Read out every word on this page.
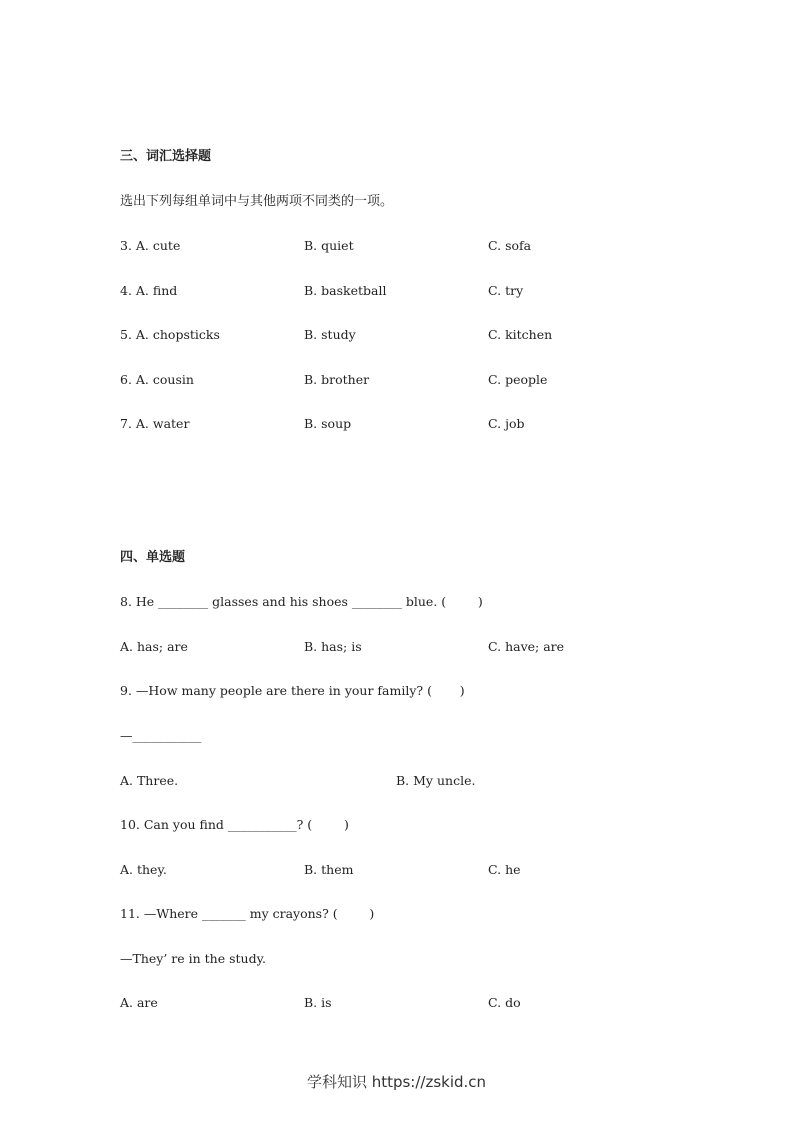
三、词汇选择题
选出下列每组单词中与其他两项不同类的一项。
3. A. cute	B. quiet	C. sofa
4. A. find	B. basketball	C. try
5. A. chopsticks	B. study	C. kitchen
6. A. cousin	B. brother	C. people
7. A. water	B. soup	C. job
四、单选题
8. He ________ glasses and his shoes ________ blue. (        )
A. has; are	B. has; is	C. have; are
9. —How many people are there in your family? (       )
—___________
A. Three.	B. My uncle.
10. Can you find ___________? (        )
A. they.	B. them	C. he
11. —Where _______ my crayons? (        )
—They’ re in the study.
A. are	B. is	C. do
学科知识 https://zskid.cn
